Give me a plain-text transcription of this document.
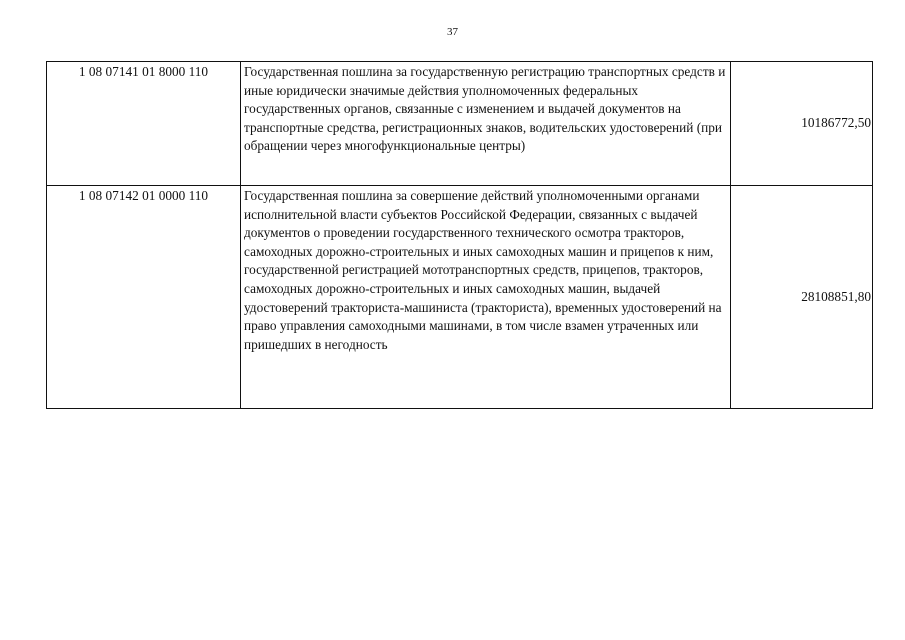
37
1 08 07141 01 8000 110	Государственная пошлина за государственную регистрацию транспортных средств и иные юридически значимые действия уполномоченных федеральных государственных органов, связанные с изменением и выдачей документов на транспортные средства, регистрационных знаков, водительских удостоверений (при обращении через многофункциональные центры)	10186772,50
1 08 07142 01 0000 110	Государственная пошлина за совершение действий уполномоченными органами исполнительной власти субъектов Российской Федерации, связанных с выдачей документов о проведении государственного технического осмотра тракторов, самоходных дорожно-строительных и иных самоходных машин и прицепов к ним, государственной регистрацией мототранспортных средств, прицепов, тракторов, самоходных дорожно-строительных и иных самоходных машин, выдачей удостоверений тракториста-машиниста (тракториста), временных удостоверений на право управления самоходными машинами, в том числе взамен утраченных или пришедших в негодность	28108851,80
